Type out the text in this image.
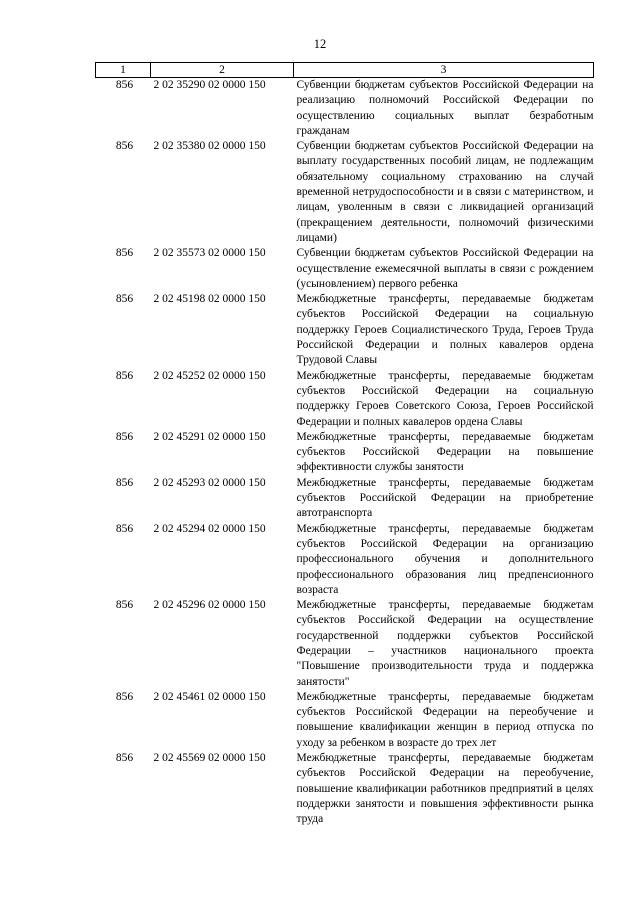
12
1	2	3
856	2 02 35290 02 0000 150	Субвенции бюджетам субъектов Российской Федерации на реализацию полномочий Российской Федерации по осуществлению социальных выплат безработным гражданам
856	2 02 35380 02 0000 150	Субвенции бюджетам субъектов Российской Федерации на выплату государственных пособий лицам, не подлежащим обязательному социальному страхованию на случай временной нетрудоспособности и в связи с материнством, и лицам, уволенным в связи с ликвидацией организаций (прекращением деятельности, полномочий физическими лицами)
856	2 02 35573 02 0000 150	Субвенции бюджетам субъектов Российской Федерации на осуществление ежемесячной выплаты в связи с рождением (усыновлением) первого ребенка
856	2 02 45198 02 0000 150	Межбюджетные трансферты, передаваемые бюджетам субъектов Российской Федерации на социальную поддержку Героев Социалистического Труда, Героев Труда Российской Федерации и полных кавалеров ордена Трудовой Славы
856	2 02 45252 02 0000 150	Межбюджетные трансферты, передаваемые бюджетам субъектов Российской Федерации на социальную поддержку Героев Советского Союза, Героев Российской Федерации и полных кавалеров ордена Славы
856	2 02 45291 02 0000 150	Межбюджетные трансферты, передаваемые бюджетам субъектов Российской Федерации на повышение эффективности службы занятости
856	2 02 45293 02 0000 150	Межбюджетные трансферты, передаваемые бюджетам субъектов Российской Федерации на приобретение автотранспорта
856	2 02 45294 02 0000 150	Межбюджетные трансферты, передаваемые бюджетам субъектов Российской Федерации на организацию профессионального обучения и дополнительного профессионального образования лиц предпенсионного возраста
856	2 02 45296 02 0000 150	Межбюджетные трансферты, передаваемые бюджетам субъектов Российской Федерации на осуществление государственной поддержки субъектов Российской Федерации – участников национального проекта "Повышение производительности труда и поддержка занятости"
856	2 02 45461 02 0000 150	Межбюджетные трансферты, передаваемые бюджетам субъектов Российской Федерации на переобучение и повышение квалификации женщин в период отпуска по уходу за ребенком в возрасте до трех лет
856	2 02 45569 02 0000 150	Межбюджетные трансферты, передаваемые бюджетам субъектов Российской Федерации на переобучение, повышение квалификации работников предприятий в целях поддержки занятости и повышения эффективности рынка труда
